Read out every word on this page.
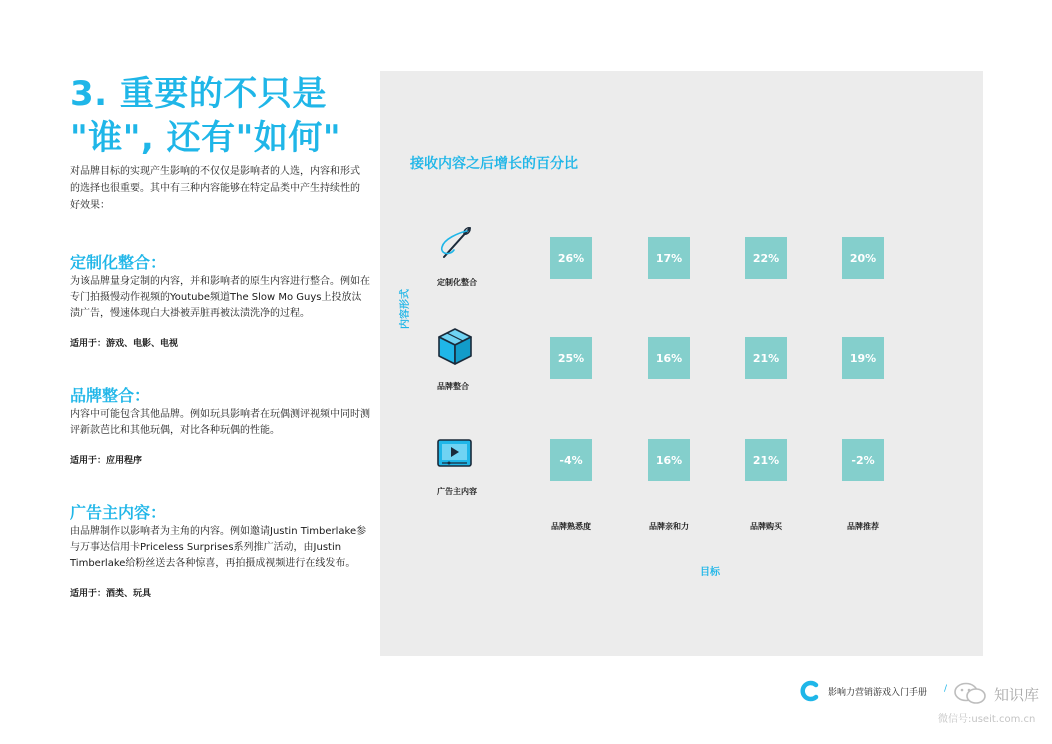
3. 重要的不只是
"谁", 还有"如何"
对品牌目标的实现产生影响的不仅仅是影响者的人选，内容和形式的选择也很重要。其中有三种内容能够在特定品类中产生持续性的好效果：
定制化整合：
为该品牌量身定制的内容，并和影响者的原生内容进行整合。例如在专门拍摄慢动作视频的Youtube频道The Slow Mo Guys上投放汰渍广告，慢速体现白大褂被弄脏再被汰渍洗净的过程。
适用于：游戏、电影、电视
品牌整合：
内容中可能包含其他品牌。例如玩具影响者在玩偶测评视频中同时测评新款芭比和其他玩偶，对比各种玩偶的性能。
适用于：应用程序
广告主内容：
由品牌制作以影响者为主角的内容。例如邀请Justin Timberlake参与万事达信用卡Priceless Surprises系列推广活动，由Justin Timberlake给粉丝送去各种惊喜，再拍摄成视频进行在线发布。
适用于：酒类、玩具
接收内容之后增长的百分比
内容形式
定制化整合
品牌整合
广告主内容
26%	17%	22%	20%
25%	16%	21%	19%
-4%	16%	21%	-2%
品牌熟悉度	品牌亲和力	品牌购买	品牌推荐
目标
影响力营销游戏入门手册 /	知识库
微信号:useit.com.cn
